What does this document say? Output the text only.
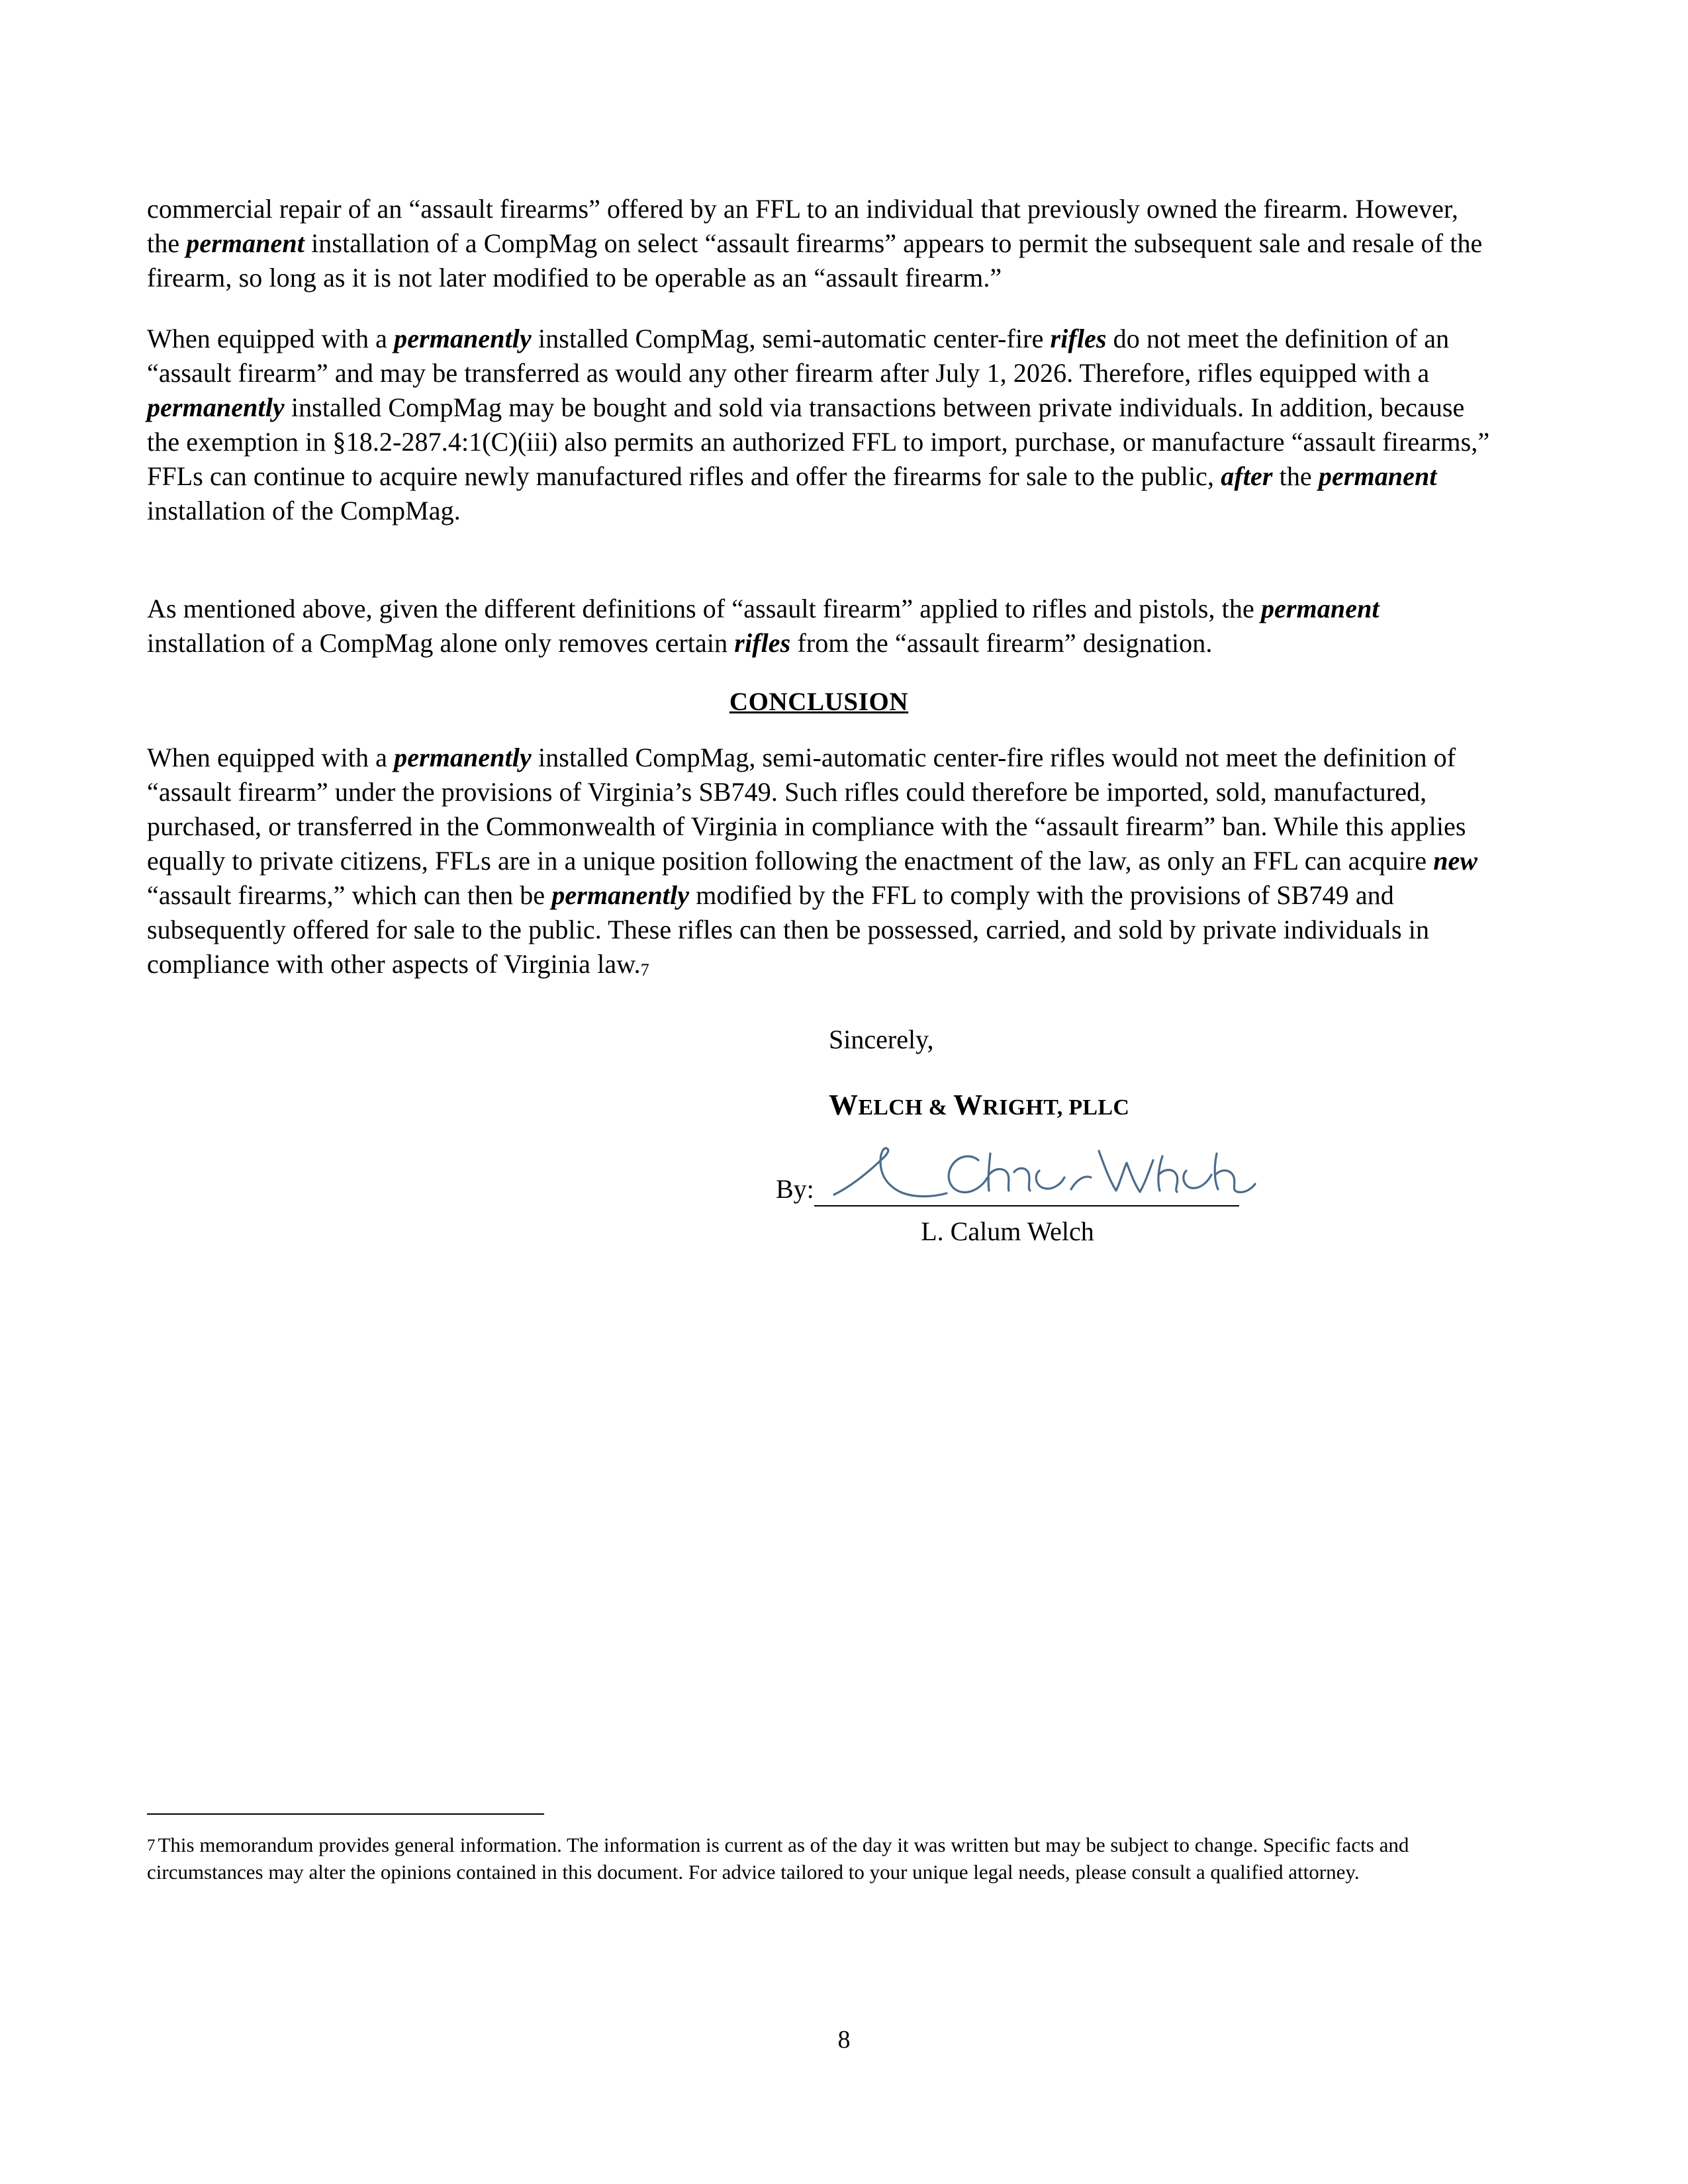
commercial repair of an “assault firearms” offered by an FFL to an individual that previously owned the firearm. However, the permanent installation of a CompMag on select “assault firearms” appears to permit the subsequent sale and resale of the firearm, so long as it is not later modified to be operable as an “assault firearm.”

When equipped with a permanently installed CompMag, semi-automatic center-fire rifles do not meet the definition of an “assault firearm” and may be transferred as would any other firearm after July 1, 2026. Therefore, rifles equipped with a permanently installed CompMag may be bought and sold via transactions between private individuals. In addition, because the exemption in §18.2-287.4:1(C)(iii) also permits an authorized FFL to import, purchase, or manufacture “assault firearms,” FFLs can continue to acquire newly manufactured rifles and offer the firearms for sale to the public, after the permanent installation of the CompMag.

As mentioned above, given the different definitions of “assault firearm” applied to rifles and pistols, the permanent installation of a CompMag alone only removes certain rifles from the “assault firearm” designation.

CONCLUSION

When equipped with a permanently installed CompMag, semi-automatic center-fire rifles would not meet the definition of “assault firearm” under the provisions of Virginia’s SB749. Such rifles could therefore be imported, sold, manufactured, purchased, or transferred in the Commonwealth of Virginia in compliance with the “assault firearm” ban. While this applies equally to private citizens, FFLs are in a unique position following the enactment of the law, as only an FFL can acquire new “assault firearms,” which can then be permanently modified by the FFL to comply with the provisions of SB749 and subsequently offered for sale to the public. These rifles can then be possessed, carried, and sold by private individuals in compliance with other aspects of Virginia law.7

Sincerely,
WELCH & WRIGHT, PLLC
By:
L. Calum Welch

7 This memorandum provides general information. The information is current as of the day it was written but may be subject to change. Specific facts and circumstances may alter the opinions contained in this document. For advice tailored to your unique legal needs, please consult a qualified attorney.

8
